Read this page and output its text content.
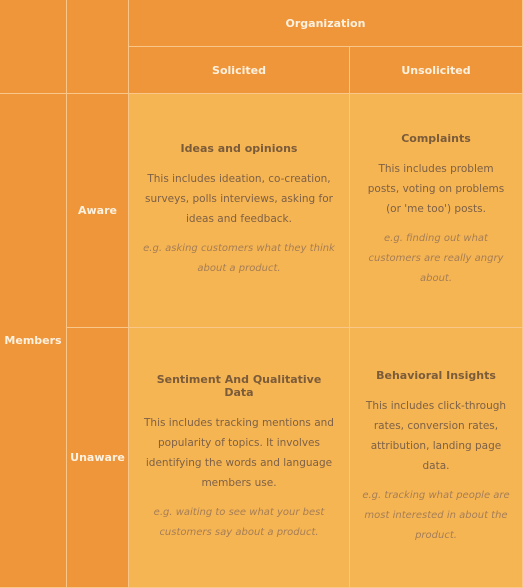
Organization
Solicited	Unsolicited
Members
Aware
Unaware
Ideas and opinions
This includes ideation, co-creation, surveys, polls interviews, asking for ideas and feedback.
e.g. asking customers what they think about a product.
Complaints
This includes problem posts, voting on problems (or 'me too') posts.
e.g. finding out what customers are really angry about.
Sentiment And Qualitative Data
This includes tracking mentions and popularity of topics. It involves identifying the words and language members use.
e.g. waiting to see what your best customers say about a product.
Behavioral Insights
This includes click-through rates, conversion rates, attribution, landing page data.
e.g. tracking what people are most interested in about the product.
